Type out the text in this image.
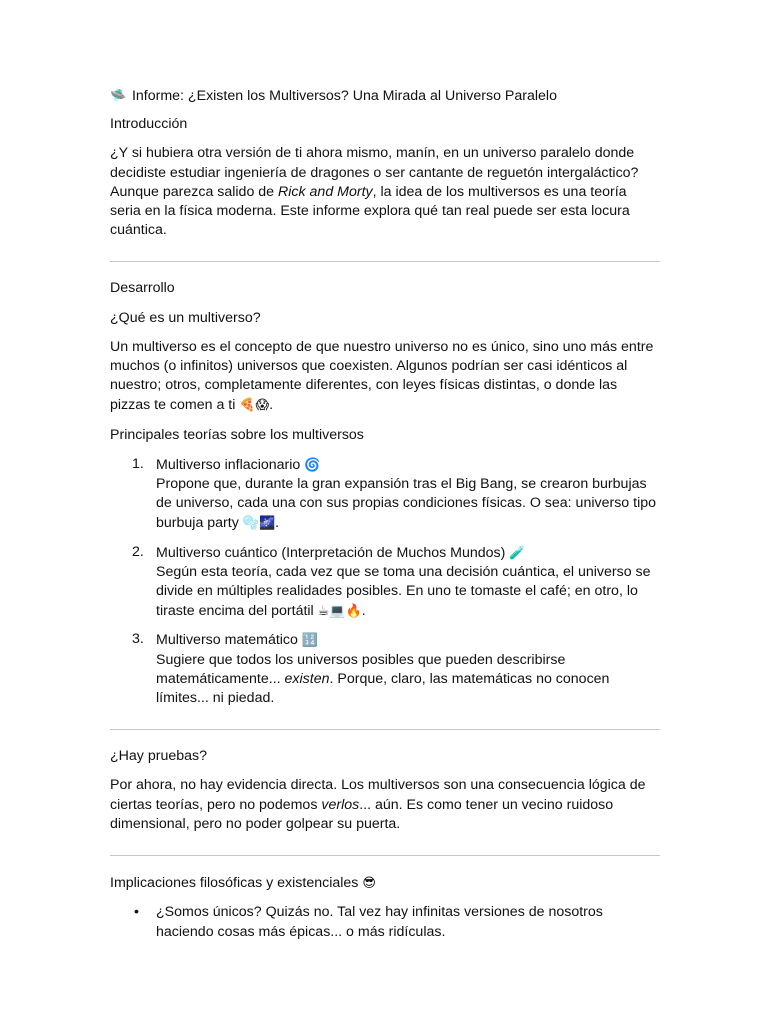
🛸 Informe: ¿Existen los Multiversos? Una Mirada al Universo Paralelo

Introducción

¿Y si hubiera otra versión de ti ahora mismo, manín, en un universo paralelo donde decidiste estudiar ingeniería de dragones o ser cantante de reguetón intergaláctico? Aunque parezca salido de Rick and Morty, la idea de los multiversos es una teoría seria en la física moderna. Este informe explora qué tan real puede ser esta locura cuántica.

Desarrollo

¿Qué es un multiverso?

Un multiverso es el concepto de que nuestro universo no es único, sino uno más entre muchos (o infinitos) universos que coexisten. Algunos podrían ser casi idénticos al nuestro; otros, completamente diferentes, con leyes físicas distintas, o donde las pizzas te comen a ti 🍕😱.

Principales teorías sobre los multiversos

1. Multiverso inflacionario 🌀
Propone que, durante la gran expansión tras el Big Bang, se crearon burbujas de universo, cada una con sus propias condiciones físicas. O sea: universo tipo burbuja party 🫧🌌.
2. Multiverso cuántico (Interpretación de Muchos Mundos) 🧪
Según esta teoría, cada vez que se toma una decisión cuántica, el universo se divide en múltiples realidades posibles. En uno te tomaste el café; en otro, lo tiraste encima del portátil ☕💻🔥.
3. Multiverso matemático 🔢
Sugiere que todos los universos posibles que pueden describirse matemáticamente... existen. Porque, claro, las matemáticas no conocen límites... ni piedad.

¿Hay pruebas?

Por ahora, no hay evidencia directa. Los multiversos son una consecuencia lógica de ciertas teorías, pero no podemos verlos... aún. Es como tener un vecino ruidoso dimensional, pero no poder golpear su puerta.

Implicaciones filosóficas y existenciales 😎

• ¿Somos únicos? Quizás no. Tal vez hay infinitas versiones de nosotros haciendo cosas más épicas... o más ridículas.
